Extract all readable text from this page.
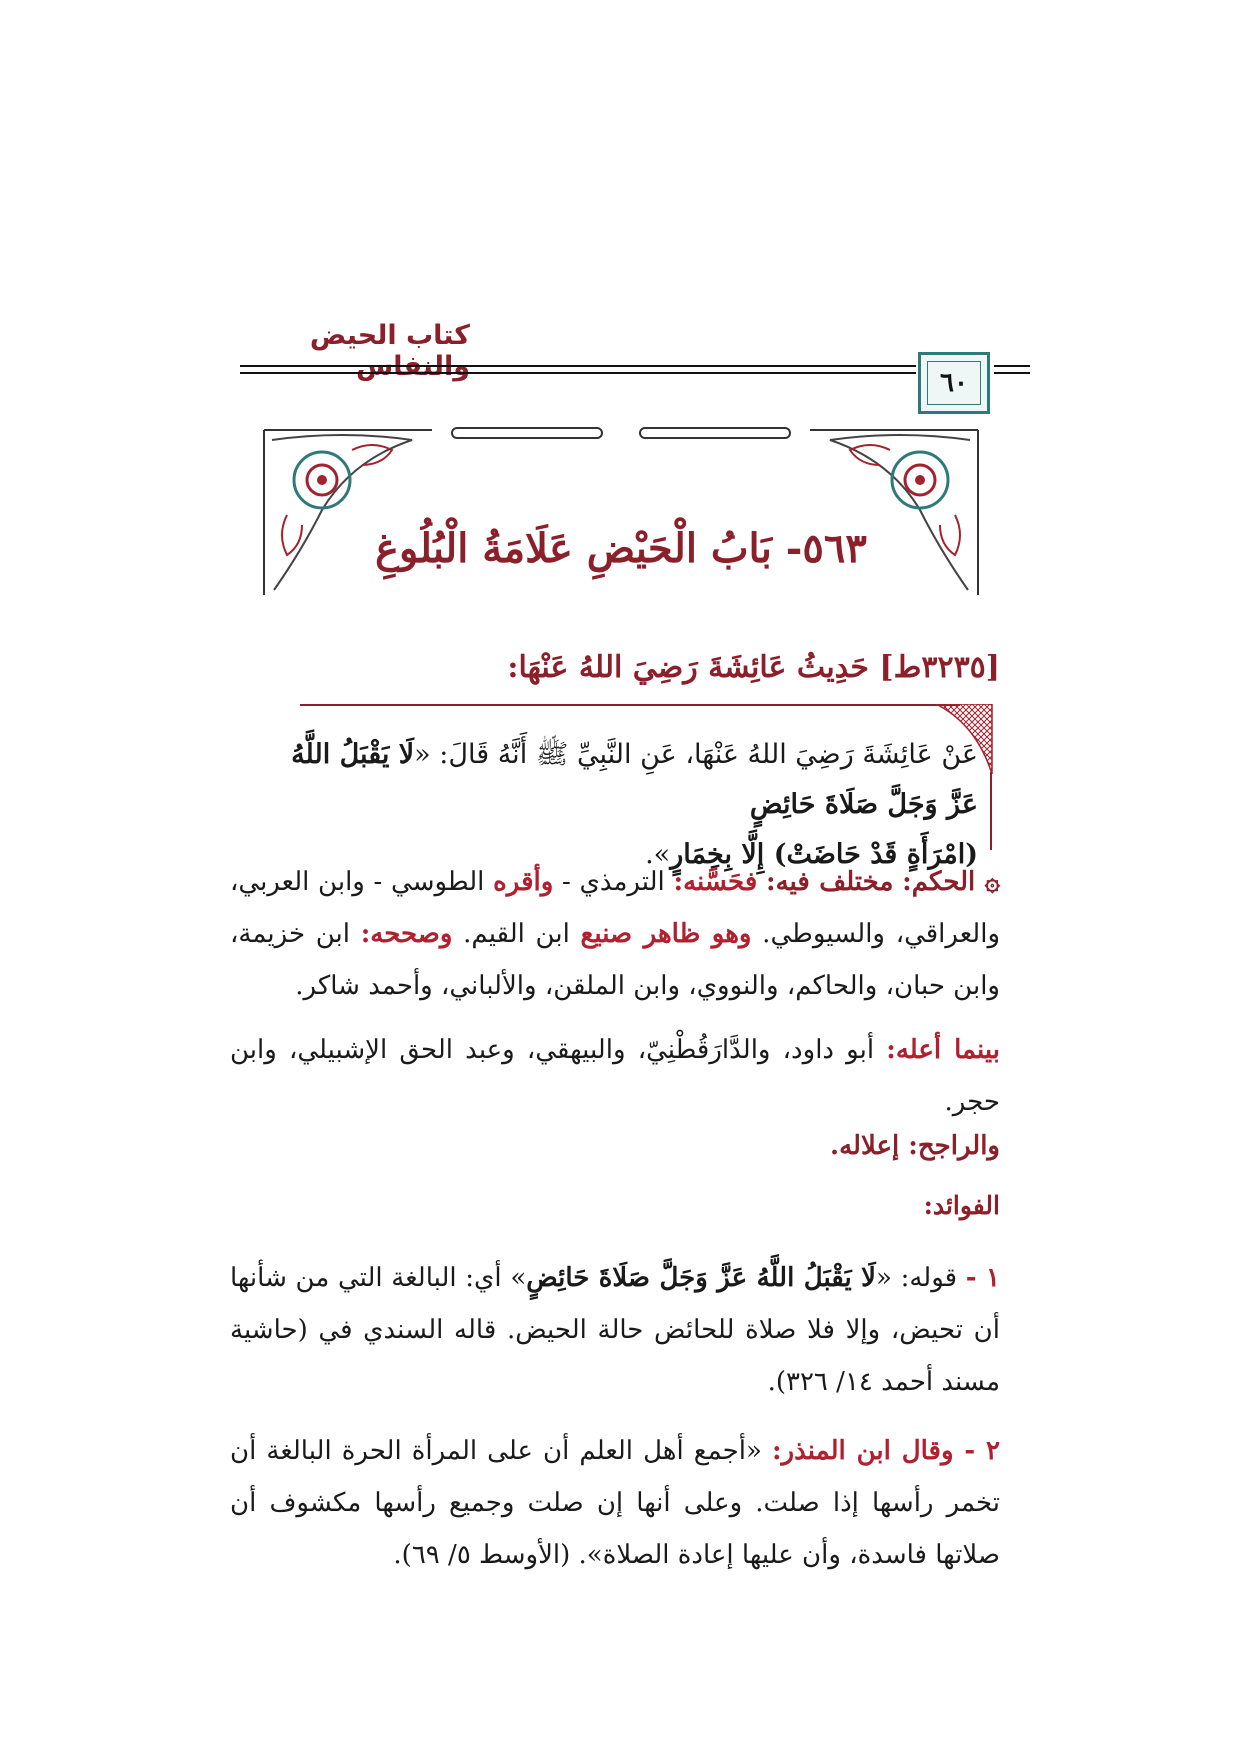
كتاب الحيض والنفاس
٦٠
٥٦٣- بَابُ الْحَيْضِ عَلَامَةُ الْبُلُوغِ
[٣٢٣٥ط] حَدِيثُ عَائِشَةَ رَضِيَ اللهُ عَنْهَا:
عَنْ عَائِشَةَ رَضِيَ اللهُ عَنْهَا، عَنِ النَّبِيِّ ﷺ أَنَّهُ قَالَ: «لَا يَقْبَلُ اللَّهُ عَزَّ وَجَلَّ صَلَاةَ حَائِضٍ
(امْرَأَةٍ قَدْ حَاضَتْ) إِلَّا بِخِمَارٍ».
۞ الحكم: مختلف فيه: فحَسَّنه: الترمذي - وأقره الطوسي - وابن العربي، والعراقي، والسيوطي. وهو ظاهر صنيع ابن القيم. وصححه: ابن خزيمة، وابن حبان، والحاكم، والنووي، وابن الملقن، والألباني، وأحمد شاكر.
بينما أعله: أبو داود، والدَّارَقُطْنِيّ، والبيهقي، وعبد الحق الإشبيلي، وابن حجر.
والراجح: إعلاله.
الفوائد:
١ - قوله: «لَا يَقْبَلُ اللَّهُ عَزَّ وَجَلَّ صَلَاةَ حَائِضٍ» أي: البالغة التي من شأنها أن تحيض، وإلا فلا صلاة للحائض حالة الحيض. قاله السندي في (حاشية مسند أحمد ١٤/ ٣٢٦).
٢ - وقال ابن المنذر: «أجمع أهل العلم أن على المرأة الحرة البالغة أن تخمر رأسها إذا صلت. وعلى أنها إن صلت وجميع رأسها مكشوف أن صلاتها فاسدة، وأن عليها إعادة الصلاة». (الأوسط ٥/ ٦٩).
